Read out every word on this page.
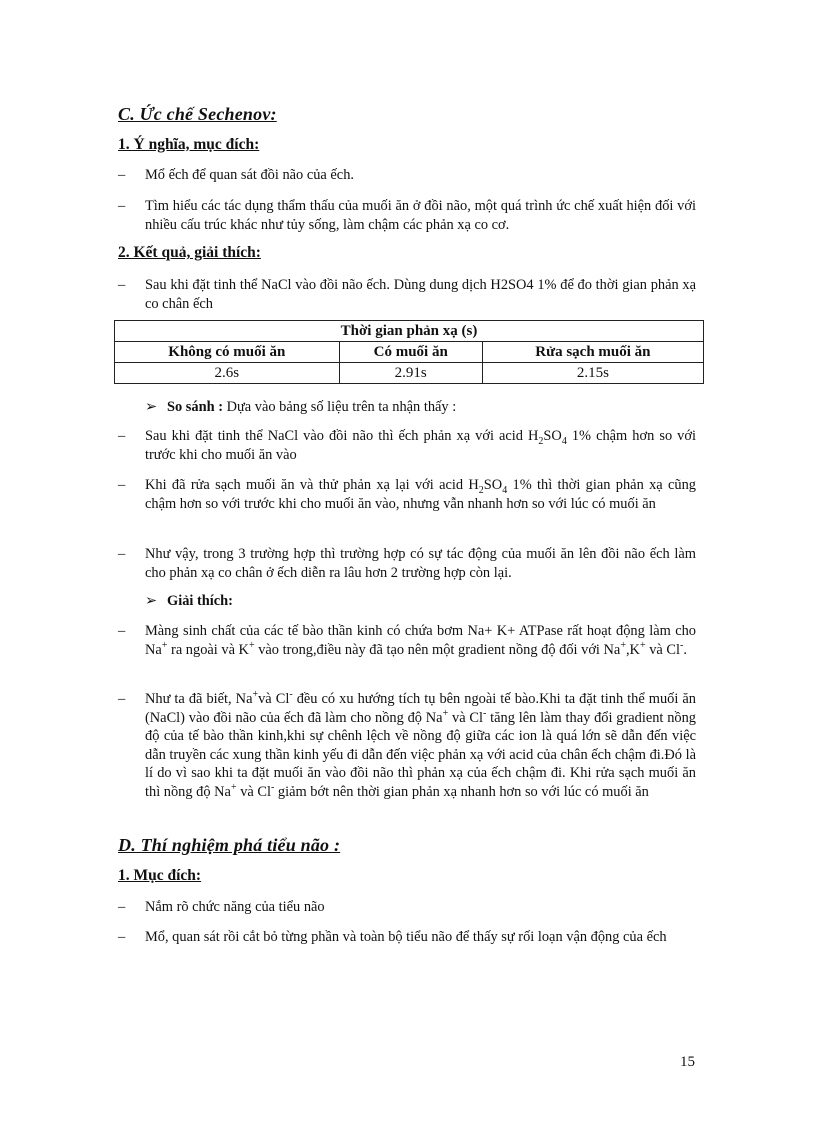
C. Ức chế Sechenov:
1. Ý nghĩa, mục đích:
– Mổ ếch để quan sát đồi não của ếch.
– Tìm hiểu các tác dụng thẩm thấu của muối ăn ở đồi não, một quá trình ức chế xuất hiện đối với nhiều cấu trúc khác như tủy sống, làm chậm các phản xạ co cơ.
2. Kết quả, giải thích:
– Sau khi đặt tinh thể NaCl vào đồi não ếch. Dùng dung dịch H2SO4 1% để đo thời gian phản xạ co chân ếch
Thời gian phản xạ (s)		
Không có muối ăn	Có muối ăn	Rửa sạch muối ăn
2.6s	2.91s	2.15s
➢ So sánh : Dựa vào bảng số liệu trên ta nhận thấy :
– Sau khi đặt tinh thể NaCl vào đồi não thì ếch phản xạ với acid $H_2SO_4$ 1% chậm hơn so với trước khi cho muối ăn vào
– Khi đã rửa sạch muối ăn và thử phản xạ lại với acid $H_2SO_4$ 1% thì thời gian phản xạ cũng chậm hơn so với trước khi cho muối ăn vào, nhưng vẫn nhanh hơn so với lúc có muối ăn
– Như vậy, trong 3 trường hợp thì trường hợp có sự tác động của muối ăn lên đồi não ếch làm cho phản xạ co chân ở ếch diễn ra lâu hơn 2 trường hợp còn lại.
➢ Giải thích:
– Màng sinh chất của các tế bào thần kinh có chứa bơm Na+ K+ ATPase rất hoạt động làm cho Na+ ra ngoài và K+ vào trong,điều này đã tạo nên một gradient nồng độ đối với Na+,K+ và Cl-.
– Như ta đã biết, Na+và Cl- đều có xu hướng tích tụ bên ngoài tế bào.Khi ta đặt tinh thể muối ăn (NaCl) vào đồi não của ếch đã làm cho nồng độ Na+ và Cl- tăng lên làm thay đổi gradient nồng độ của tế bào thần kinh,khi sự chênh lệch về nồng độ giữa các ion là quá lớn sẽ dẫn đến việc dẫn truyền các xung thần kinh yếu đi dẫn đến việc phản xạ với acid của chân ếch chậm đi.Đó là lí do vì sao khi ta đặt muối ăn vào đồi não thì phản xạ của ếch chậm đi. Khi rửa sạch muối ăn thì nồng độ Na+ và Cl- giảm bớt nên thời gian phản xạ nhanh hơn so với lúc có muối ăn
D. Thí nghiệm phá tiểu não :
1. Mục đích:
– Nắm rõ chức năng của tiểu não
– Mổ, quan sát rồi cắt bỏ từng phần và toàn bộ tiểu não để thấy sự rối loạn vận động của ếch
15
